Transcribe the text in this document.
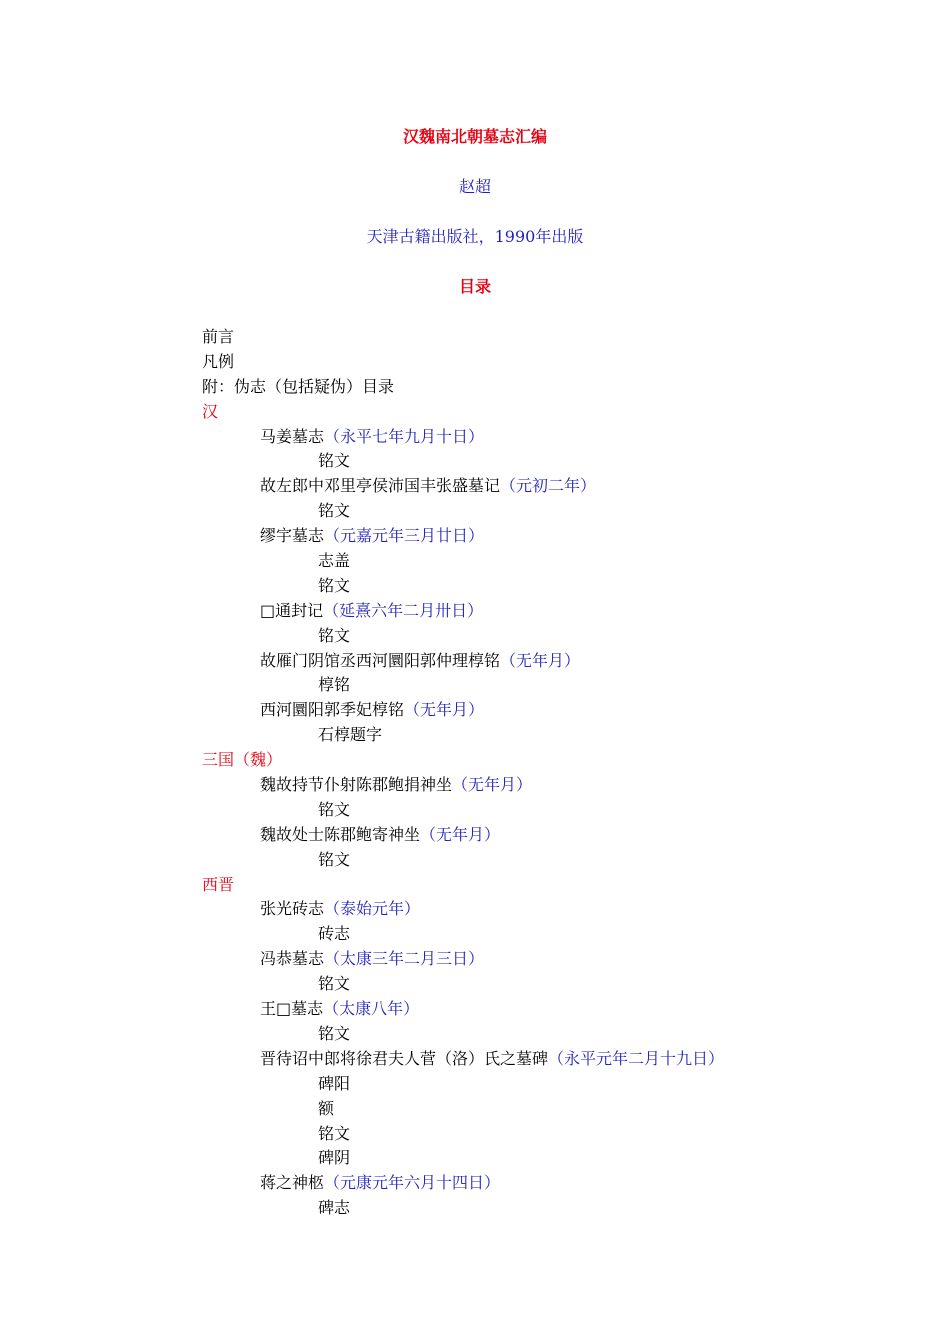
汉魏南北朝墓志汇编
赵超
天津古籍出版社，1990年出版
目录
前言
凡例
附：伪志（包括疑伪）目录
汉
马姜墓志（永平七年九月十日）
铭文
故左郎中邓里亭侯沛国丰张盛墓记（元初二年）
铭文
缪宇墓志（元嘉元年三月廿日）
志盖
铭文
□通封记（延熹六年二月卅日）
铭文
故雁门阴馆丞西河圜阳郭仲理椁铭（无年月）
椁铭
西河圜阳郭季妃椁铭（无年月）
石椁题字
三国（魏）
魏故持节仆射陈郡鲍捐神坐（无年月）
铭文
魏故处士陈郡鲍寄神坐（无年月）
铭文
西晋
张光砖志（泰始元年）
砖志
冯恭墓志（太康三年二月三日）
铭文
王□墓志（太康八年）
铭文
晋待诏中郎将徐君夫人菅（洛）氏之墓碑（永平元年二月十九日）
碑阳
额
铭文
碑阴
蒋之神柩（元康元年六月十四日）
碑志
